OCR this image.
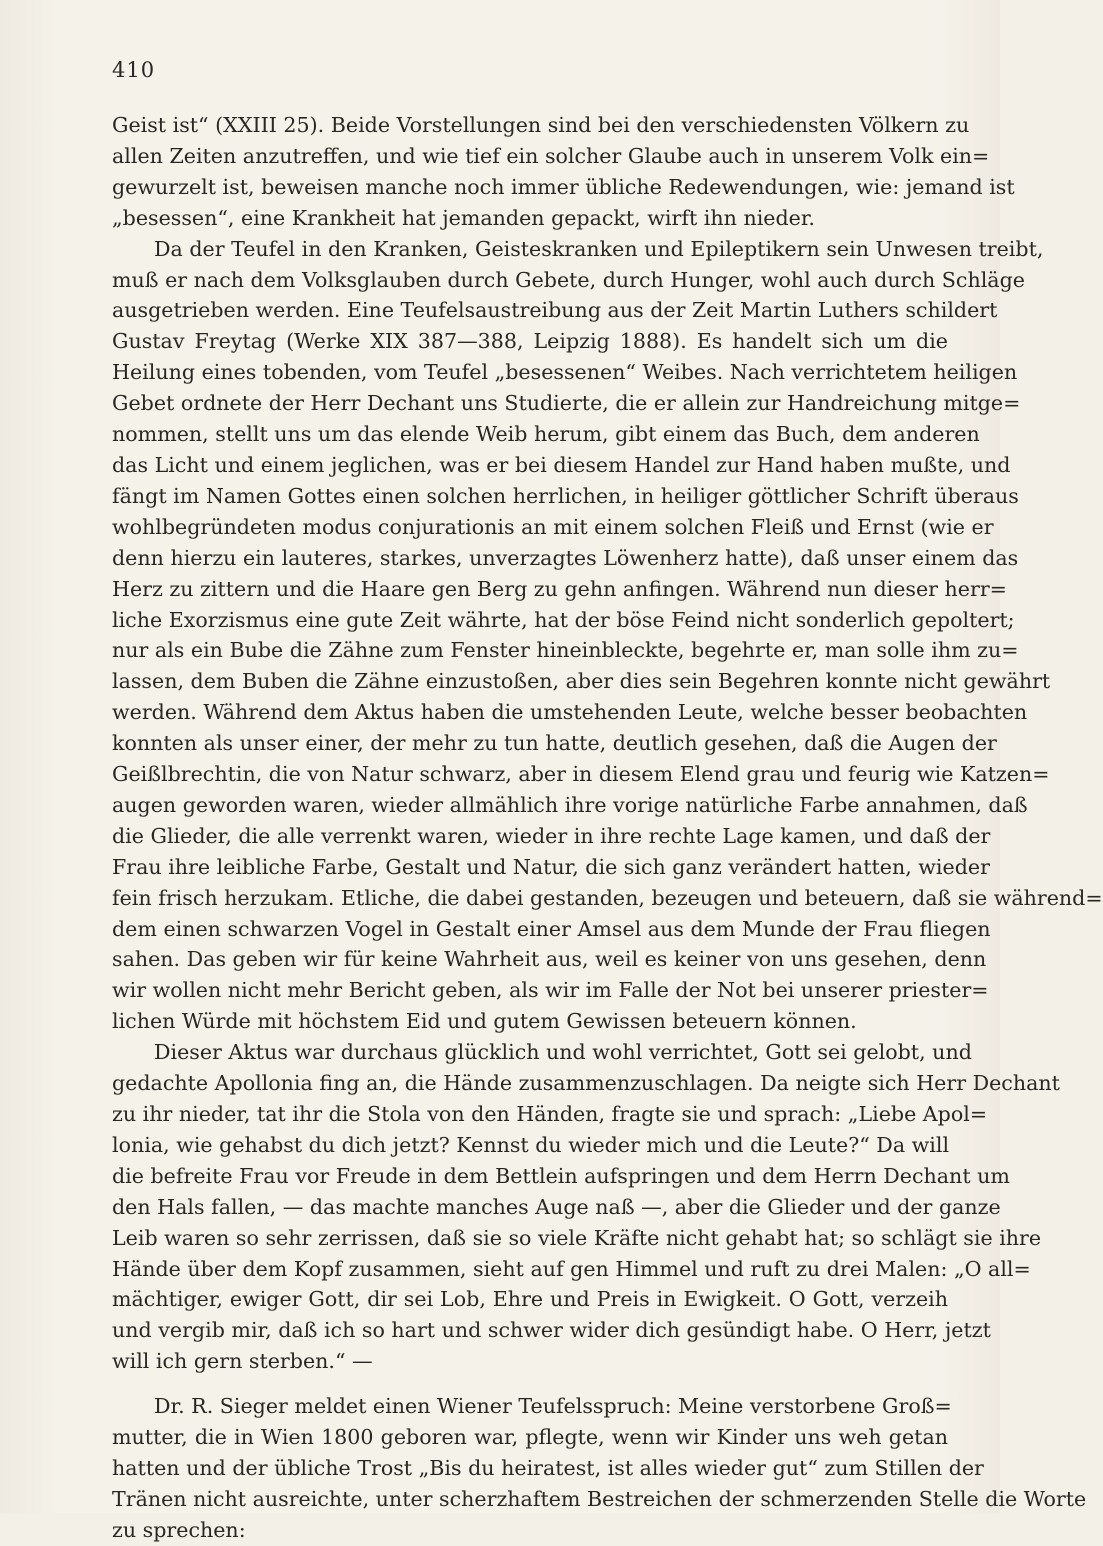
410
Geist ist“ (XXIII 25). Beide Vorstellungen sind bei den verschiedensten Völkern zu
allen Zeiten anzutreffen, und wie tief ein solcher Glaube auch in unserem Volk ein=
gewurzelt ist, beweisen manche noch immer übliche Redewendungen, wie: jemand ist
„besessen“, eine Krankheit hat jemanden gepackt, wirft ihn nieder.
Da der Teufel in den Kranken, Geisteskranken und Epileptikern sein Unwesen treibt,
muß er nach dem Volksglauben durch Gebete, durch Hunger, wohl auch durch Schläge
ausgetrieben werden. Eine Teufelsaustreibung aus der Zeit Martin Luthers schildert
Gustav Freytag (Werke XIX 387—388, Leipzig 1888). Es handelt sich um die
Heilung eines tobenden, vom Teufel „besessenen“ Weibes. Nach verrichtetem heiligen
Gebet ordnete der Herr Dechant uns Studierte, die er allein zur Handreichung mitge=
nommen, stellt uns um das elende Weib herum, gibt einem das Buch, dem anderen
das Licht und einem jeglichen, was er bei diesem Handel zur Hand haben mußte, und
fängt im Namen Gottes einen solchen herrlichen, in heiliger göttlicher Schrift überaus
wohlbegründeten modus conjurationis an mit einem solchen Fleiß und Ernst (wie er
denn hierzu ein lauteres, starkes, unverzagtes Löwenherz hatte), daß unser einem das
Herz zu zittern und die Haare gen Berg zu gehn anfingen. Während nun dieser herr=
liche Exorzismus eine gute Zeit währte, hat der böse Feind nicht sonderlich gepoltert;
nur als ein Bube die Zähne zum Fenster hineinbleckte, begehrte er, man solle ihm zu=
lassen, dem Buben die Zähne einzustoßen, aber dies sein Begehren konnte nicht gewährt
werden. Während dem Aktus haben die umstehenden Leute, welche besser beobachten
konnten als unser einer, der mehr zu tun hatte, deutlich gesehen, daß die Augen der
Geißlbrechtin, die von Natur schwarz, aber in diesem Elend grau und feurig wie Katzen=
augen geworden waren, wieder allmählich ihre vorige natürliche Farbe annahmen, daß
die Glieder, die alle verrenkt waren, wieder in ihre rechte Lage kamen, und daß der
Frau ihre leibliche Farbe, Gestalt und Natur, die sich ganz verändert hatten, wieder
fein frisch herzukam. Etliche, die dabei gestanden, bezeugen und beteuern, daß sie während=
dem einen schwarzen Vogel in Gestalt einer Amsel aus dem Munde der Frau fliegen
sahen. Das geben wir für keine Wahrheit aus, weil es keiner von uns gesehen, denn
wir wollen nicht mehr Bericht geben, als wir im Falle der Not bei unserer priester=
lichen Würde mit höchstem Eid und gutem Gewissen beteuern können.
Dieser Aktus war durchaus glücklich und wohl verrichtet, Gott sei gelobt, und
gedachte Apollonia fing an, die Hände zusammenzuschlagen. Da neigte sich Herr Dechant
zu ihr nieder, tat ihr die Stola von den Händen, fragte sie und sprach: „Liebe Apol=
lonia, wie gehabst du dich jetzt? Kennst du wieder mich und die Leute?“ Da will
die befreite Frau vor Freude in dem Bettlein aufspringen und dem Herrn Dechant um
den Hals fallen, — das machte manches Auge naß —, aber die Glieder und der ganze
Leib waren so sehr zerrissen, daß sie so viele Kräfte nicht gehabt hat; so schlägt sie ihre
Hände über dem Kopf zusammen, sieht auf gen Himmel und ruft zu drei Malen: „O all=
mächtiger, ewiger Gott, dir sei Lob, Ehre und Preis in Ewigkeit. O Gott, verzeih
und vergib mir, daß ich so hart und schwer wider dich gesündigt habe. O Herr, jetzt
will ich gern sterben.“ —
Dr. R. Sieger meldet einen Wiener Teufelsspruch: Meine verstorbene Groß=
mutter, die in Wien 1800 geboren war, pflegte, wenn wir Kinder uns weh getan
hatten und der übliche Trost „Bis du heiratest, ist alles wieder gut“ zum Stillen der
Tränen nicht ausreichte, unter scherzhaftem Bestreichen der schmerzenden Stelle die Worte
zu sprechen:
